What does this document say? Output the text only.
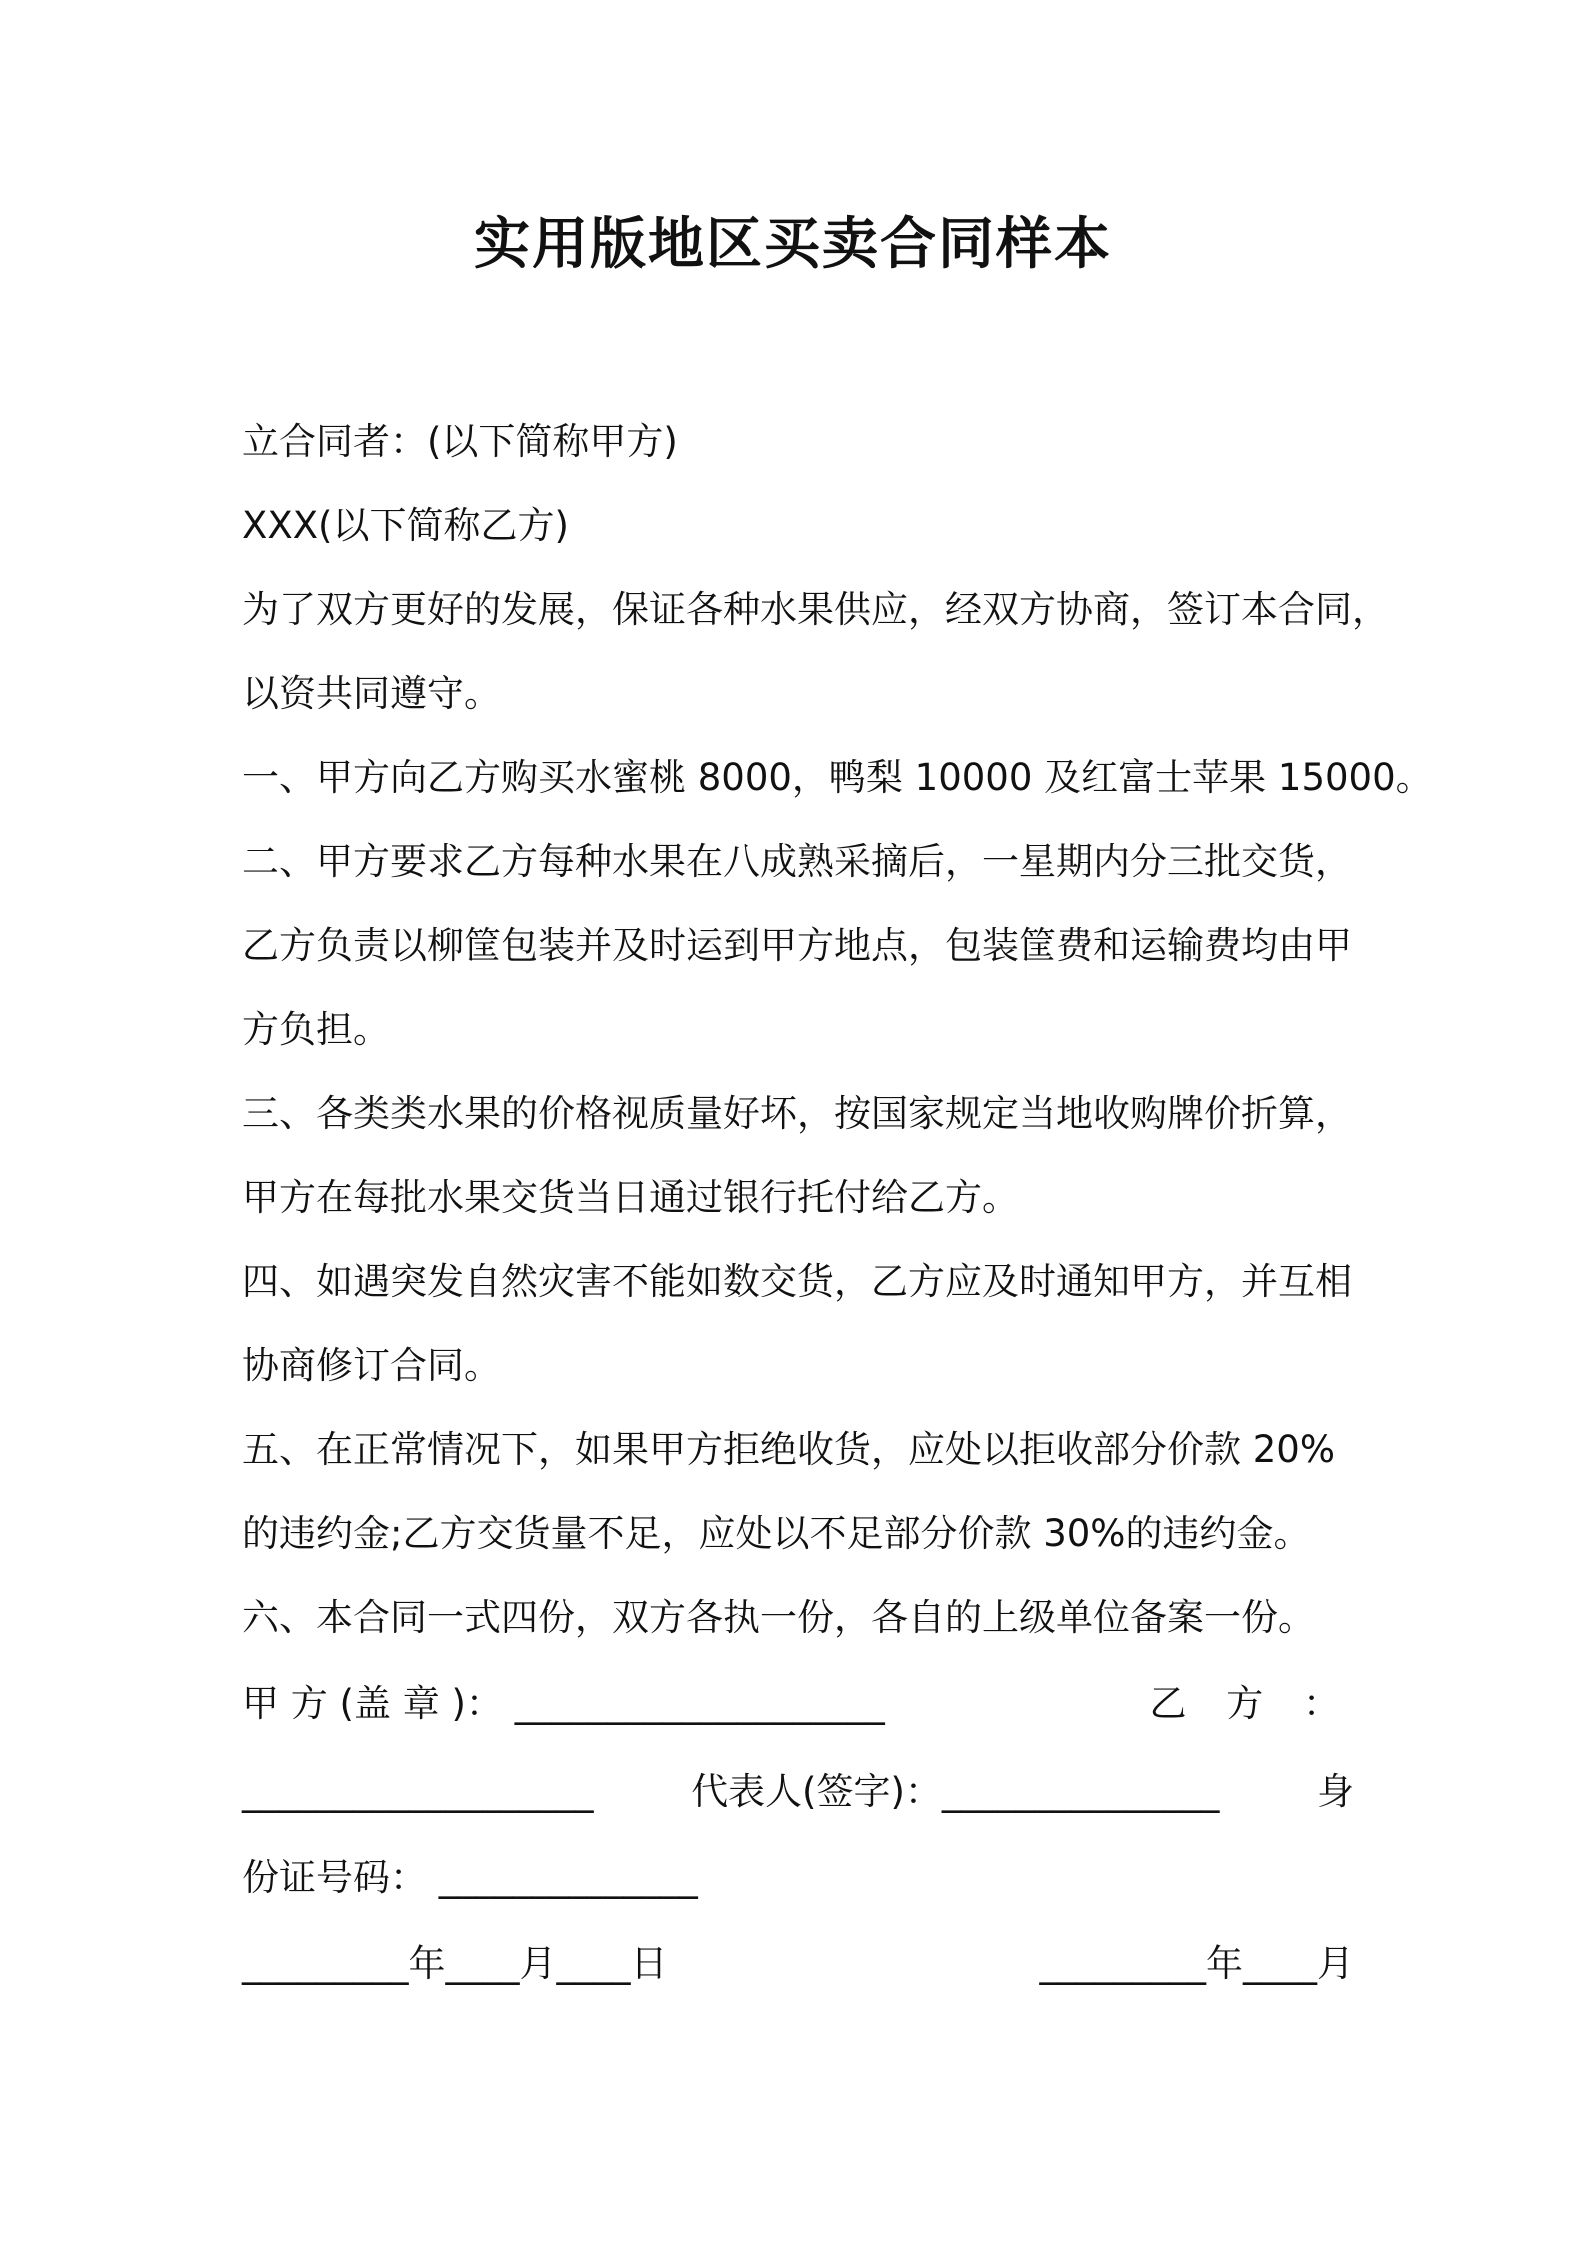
实用版地区买卖合同样本
立合同者：(以下简称甲方)
XXX(以下简称乙方)
为了双方更好的发展，保证各种水果供应，经双方协商，签订本合同，
以资共同遵守。
一、甲方向乙方购买水蜜桃 8000，鸭梨 10000 及红富士苹果 15000。
二、甲方要求乙方每种水果在八成熟采摘后，一星期内分三批交货，
乙方负责以柳筐包装并及时运到甲方地点，包装筐费和运输费均由甲
方负担。
三、各类类水果的价格视质量好坏，按国家规定当地收购牌价折算，
甲方在每批水果交货当日通过银行托付给乙方。
四、如遇突发自然灾害不能如数交货，乙方应及时通知甲方，并互相
协商修订合同。
五、在正常情况下，如果甲方拒绝收货，应处以拒收部分价款 20%
的违约金;乙方交货量不足，应处以不足部分价款 30%的违约金。
六、本合同一式四份，双方各执一份，各自的上级单位备案一份。
甲 方 (盖 章 )： ____________________	乙 方 ：
___________________	代表人(签字)：_______________	身
份证号码： ______________
_________年____月____日	_________年____月
